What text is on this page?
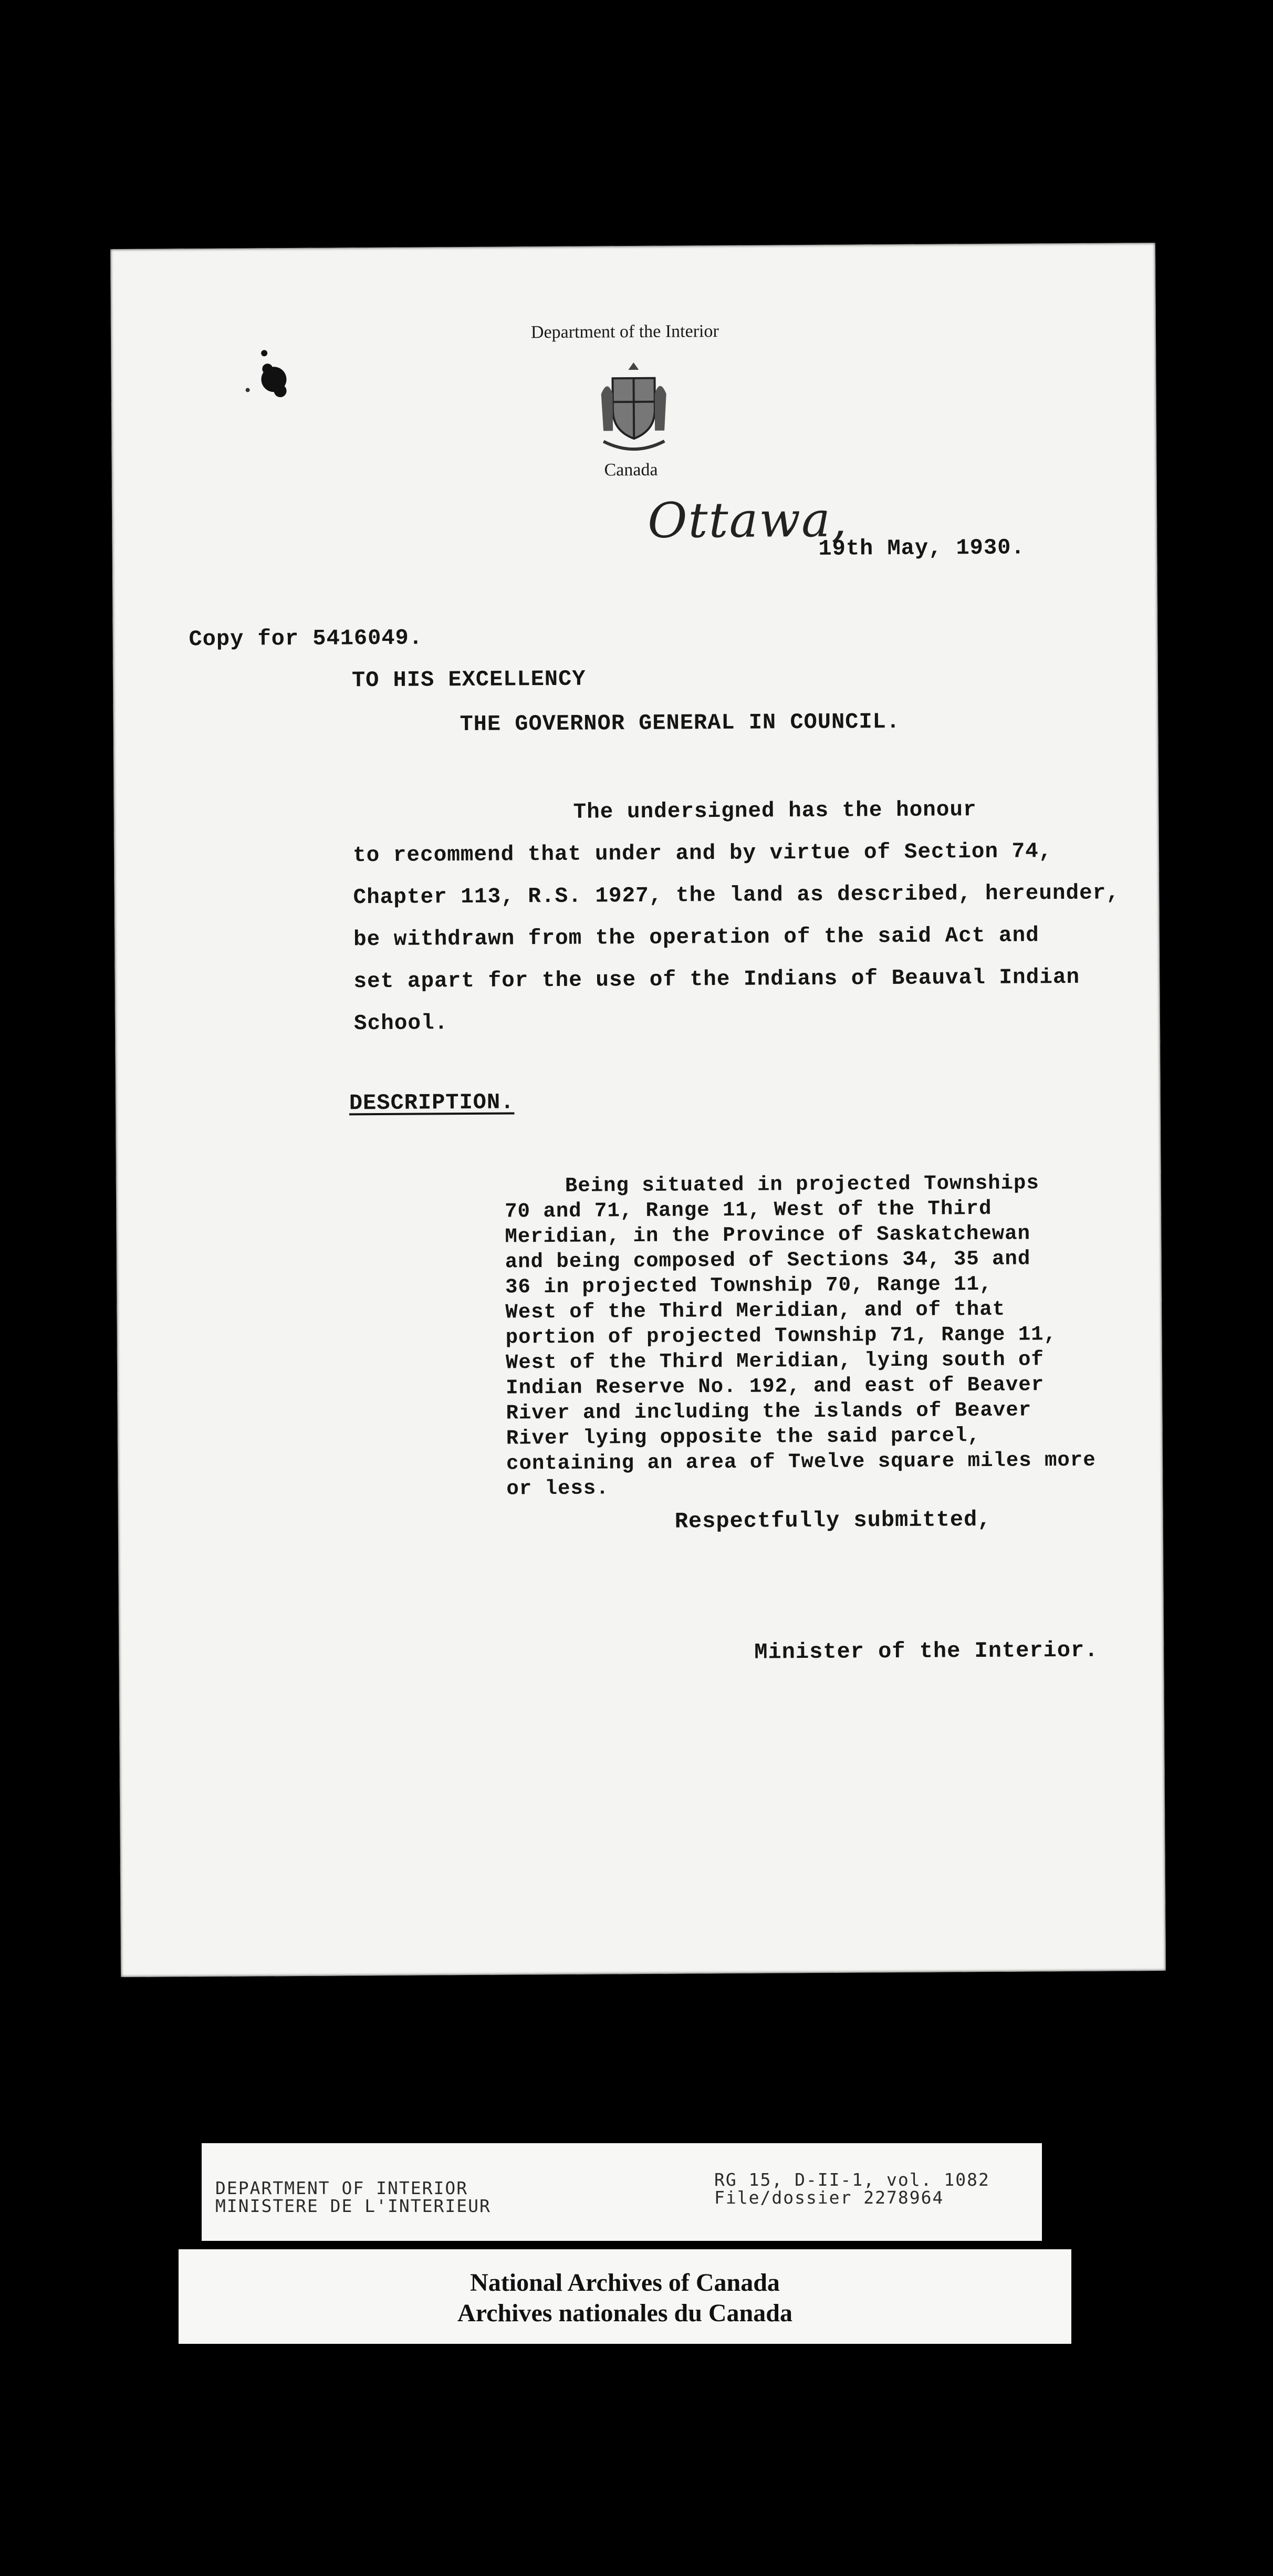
Department of the Interior
Canada
Ottawa,
19th May, 1930.
Copy for 5416049.
TO HIS EXCELLENCY
THE GOVERNOR GENERAL IN COUNCIL.
The undersigned has the honour
to recommend that under and by virtue of Section 74,
Chapter 113, R.S. 1927, the land as described, hereunder,
be withdrawn from the operation of the said Act and
set apart for the use of the Indians of Beauval Indian
School.
DESCRIPTION.
Being situated in projected Townships
70 and 71, Range 11, West of the Third
Meridian, in the Province of Saskatchewan
and being composed of Sections 34, 35 and
36 in projected Township 70, Range 11,
West of the Third Meridian, and of that
portion of projected Township 71, Range 11,
West of the Third Meridian, lying south of
Indian Reserve No. 192, and east of Beaver
River and including the islands of Beaver
River lying opposite the said parcel,
containing an area of Twelve square miles more
or less.
Respectfully submitted,
Minister of the Interior.
DEPARTMENT OF INTERIOR
MINISTERE DE L'INTERIEUR
RG 15, D-II-1, vol. 1082
File/dossier 2278964
National Archives of Canada
Archives nationales du Canada
